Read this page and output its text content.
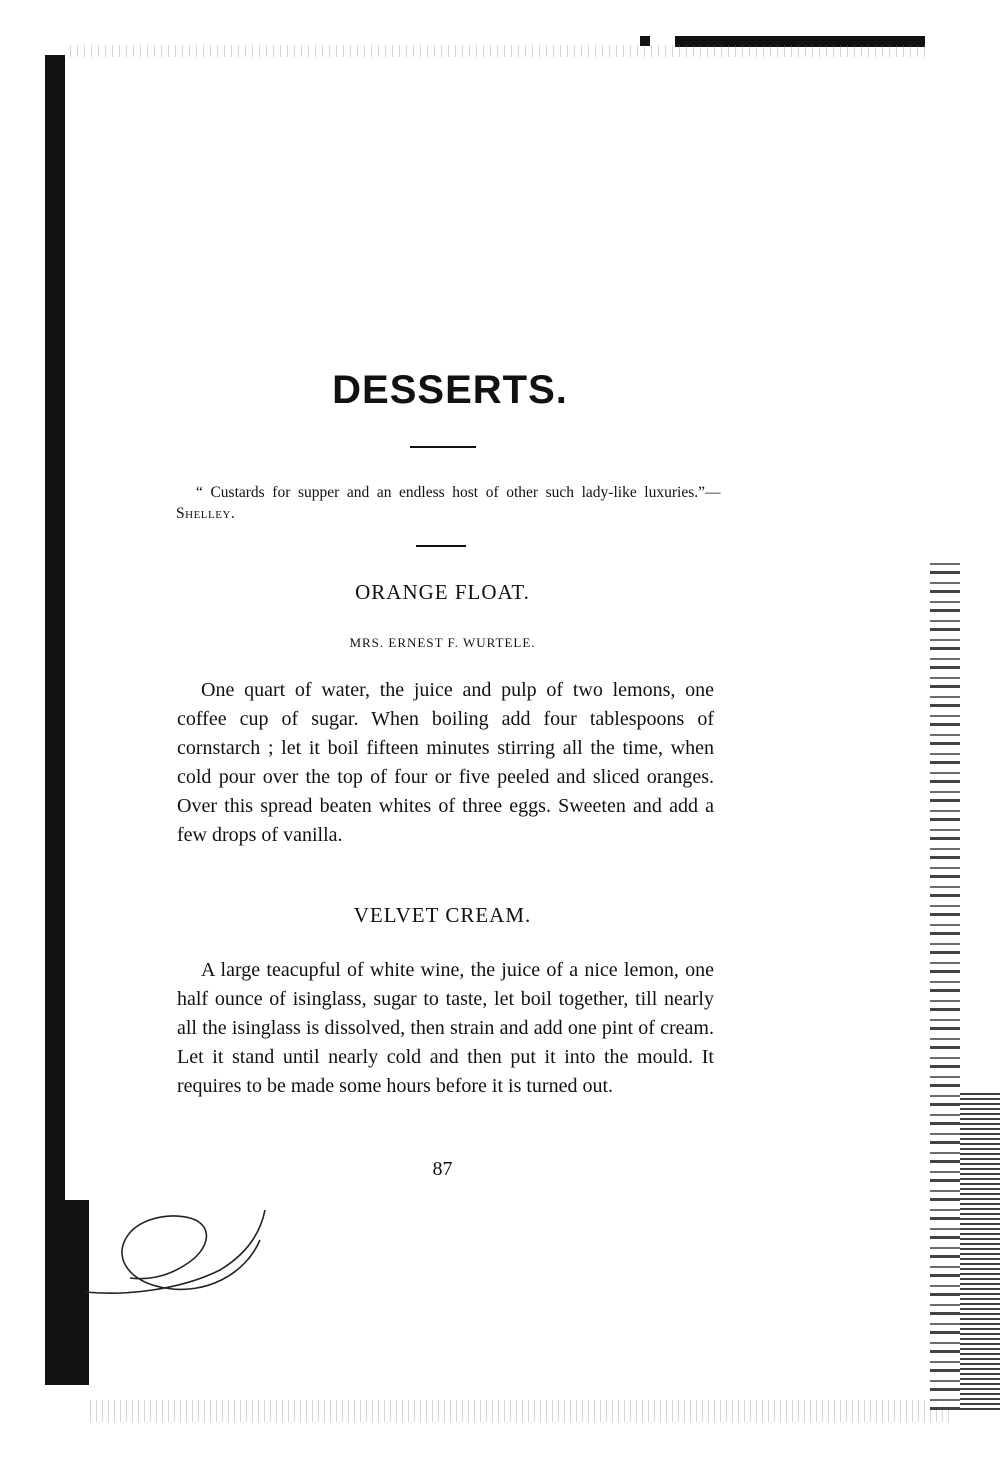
DESSERTS.
“ Custards for supper and an endless host of other such lady-like luxuries.”—Shelley.
ORANGE FLOAT.
MRS. ERNEST F. WURTELE.
One quart of water, the juice and pulp of two lemons, one coffee cup of sugar. When boiling add four tablespoons of cornstarch ; let it boil fifteen minutes stirring all the time, when cold pour over the top of four or five peeled and sliced oranges. Over this spread beaten whites of three eggs. Sweeten and add a few drops of vanilla.
VELVET CREAM.
A large teacupful of white wine, the juice of a nice lemon, one half ounce of isinglass, sugar to taste, let boil together, till nearly all the isinglass is dissolved, then strain and add one pint of cream. Let it stand until nearly cold and then put it into the mould. It requires to be made some hours before it is turned out.
87
